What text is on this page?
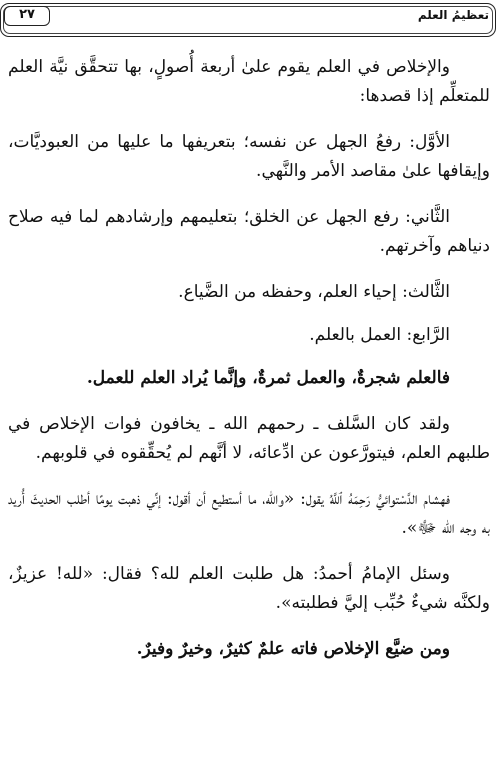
تعظيمُ العلم
٢٧

والإخلاص في العلم يقوم علىٰ أربعة أُصولٍ، بها تتحقَّق نيَّة العلم للمتعلِّم إذا قصدها:

الأوَّل: رفعُ الجهل عن نفسه؛ بتعريفها ما عليها من العبوديَّات، وإيقافها علىٰ مقاصد الأمر والنَّهي.

الثَّاني: رفع الجهل عن الخلق؛ بتعليمهم وإرشادهم لما فيه صلاح دنياهم وآخرتهم.

الثَّالث: إحياء العلم، وحفظه من الضَّياع.

الرَّابع: العمل بالعلم.

فالعلم شجرةٌ، والعمل ثمرةٌ، وإنَّما يُراد العلم للعمل.

ولقد كان السَّلف ـ رحمهم الله ـ يخافون فوات الإخلاص في طلبهم العلم، فيتورَّعون عن ادِّعائه، لا أنَّهم لم يُحقِّقوه في قلوبهم.

فهشام الدَّسْتوائيُّ رَحِمَهُ ٱللَّهُ يقول: «والله، ما أستطيع أن أقول: إنِّي ذهبت يومًا أطلب الحديثَ أُريد به وجه الله ﷻ».

وسئل الإمامُ أحمدُ: هل طلبت العلم لله؟ فقال: «لله! عزيزٌ، ولكنَّه شيءٌ حُبِّب إليَّ فطلبته».

ومن ضيَّع الإخلاص فاته علمٌ كثيرٌ، وخيرٌ وفيرٌ.
